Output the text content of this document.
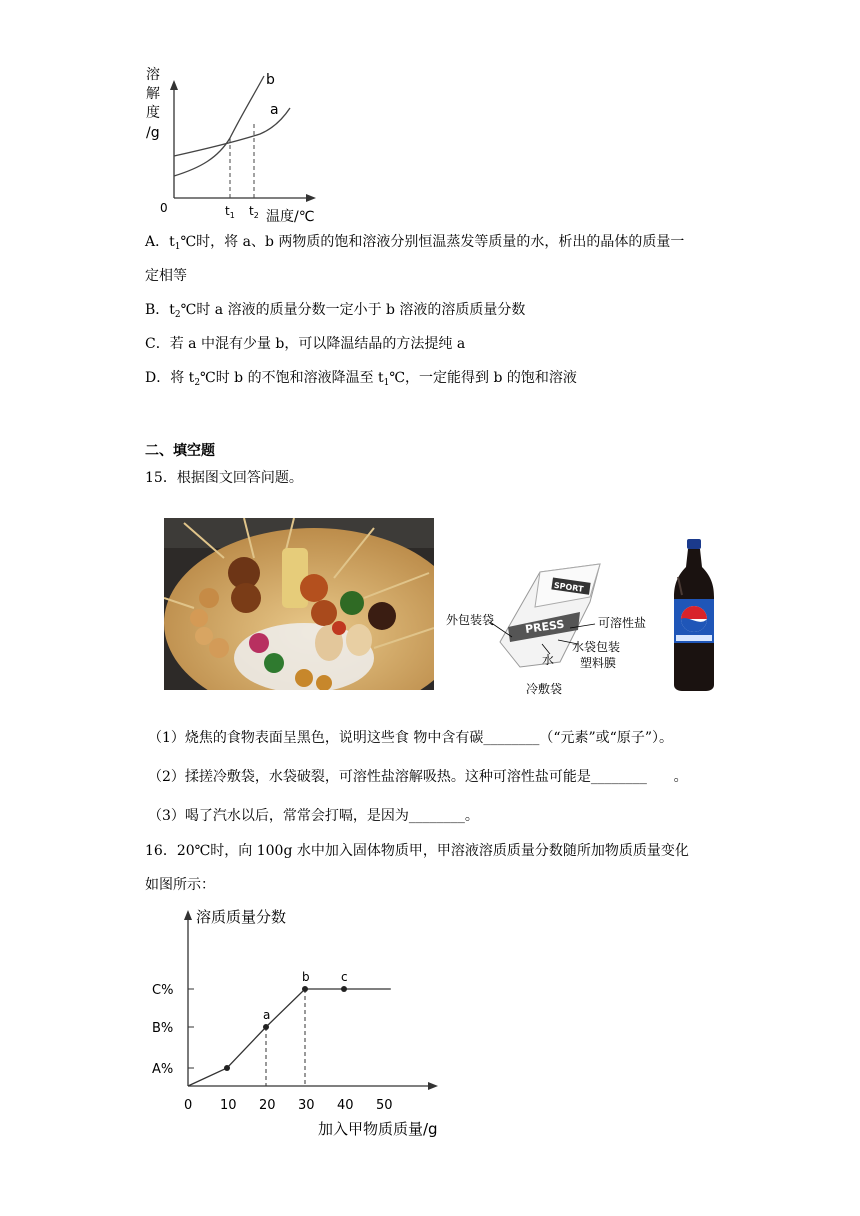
溶
解
度
/g
b
a
0	$t_1$ $t_2$ 温度/℃
A．$t_1℃$时，将 a、b 两物质的饱和溶液分别恒温蒸发等质量的水，析出的晶体的质量一
定相等
B．$t_2℃$时 a 溶液的质量分数一定小于 b 溶液的溶质质量分数
C．若 a 中混有少量 b，可以降温结晶的方法提纯 a
D．将 $t_2℃$时 b 的不饱和溶液降温至 $t_1℃$，一定能得到 b 的饱和溶液
二、填空题
15．根据图文回答问题。
SPORT
PRESS
外包装袋	可溶性盐
水袋包装
塑料膜
水
冷敷袋
（1）烧焦的食物表面呈黑色，说明这些食 物中含有碳________（“元素”或“原子”）。
（2）揉搓冷敷袋，水袋破裂，可溶性盐溶解吸热。这种可溶性盐可能是________      。
（3）喝了汽水以后，常常会打嗝，是因为________。
16．20℃时，向 100g 水中加入固体物质甲，甲溶液溶质质量分数随所加物质质量变化
如图所示：
溶质质量分数
加入甲物质质量/g
0 10 20 30 40 50
A%
B%
C%
a
b	c
